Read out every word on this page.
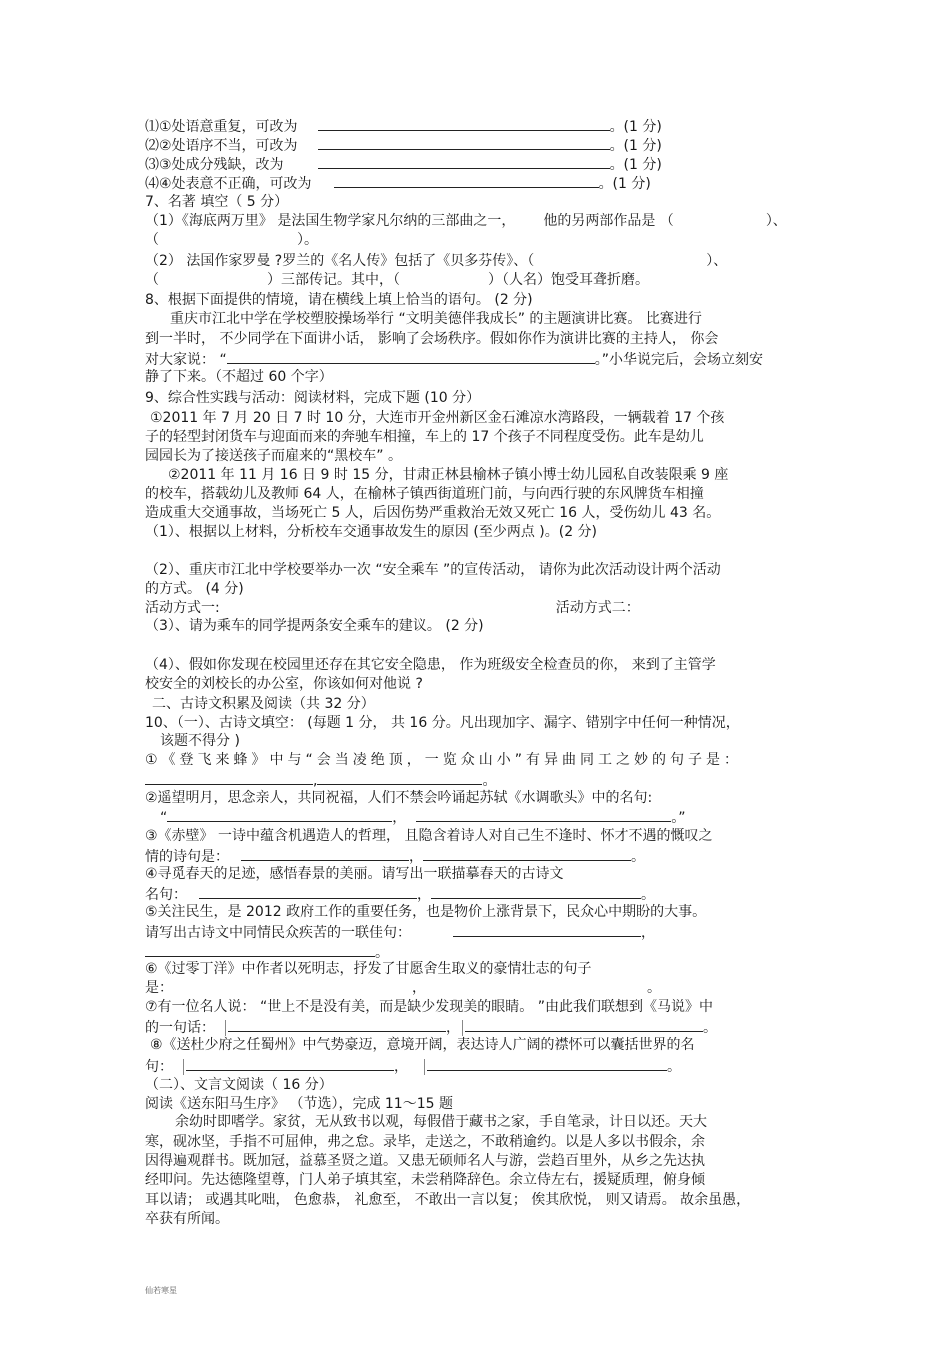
⑴①处语意重复，可改为	。(1 分)
⑵②处语序不当，可改为	。(1 分)
⑶③处成分残缺，改为	。(1 分)
⑷④处表意不正确，可改为	。(1 分)
7、名著 填空（ 5 分）
（1）《海底两万里》 是法国生物学家凡尔纳的三部曲之一， 他的另两部作品是 （	）、
（	）。
（2） 法国作家罗曼 ?罗兰的《名人传》包括了《贝多芬传》、（	）、
（	）三部传记。其中，（	）（人名）饱受耳聋折磨。
8、根据下面提供的情境，请在横线上填上恰当的语句。 (2 分)
重庆市江北中学在学校塑胶操场举行 “文明美德伴我成长” 的主题演讲比赛。 比赛进行
到一半时， 不少同学在下面讲小话， 影响了会场秩序。假如你作为演讲比赛的主持人， 你会
对大家说： “	。”小华说完后，会场立刻安
静了下来。（不超过 60 个字）
9、综合性实践与活动：阅读材料，完成下题 (10 分）
①2011 年 7 月 20 日 7 时 10 分，大连市开金州新区金石滩凉水湾路段，一辆载着 17 个孩
子的轻型封闭货车与迎面而来的奔驰车相撞，车上的 17 个孩子不同程度受伤。此车是幼儿
园园长为了接送孩子而雇来的“黑校车” 。
②2011 年 11 月 16 日 9 时 15 分，甘肃正林县榆林子镇小博士幼儿园私自改装限乘 9 座
的校车，搭载幼儿及教师 64 人，在榆林子镇西街道班门前，与向西行驶的东风牌货车相撞
造成重大交通事故，当场死亡 5 人，后因伤势严重救治无效又死亡 16 人，受伤幼儿 43 名。
（1）、根据以上材料，分析校车交通事故发生的原因 (至少两点 )。(2 分)
（2）、重庆市江北中学校要举办一次 “安全乘车 ”的宣传活动， 请你为此次活动设计两个活动
的方式。 (4 分)
活动方式一:	活动方式二：
（3）、请为乘车的同学提两条安全乘车的建议。 (2 分)
（4）、假如你发现在校园里还存在其它安全隐患， 作为班级安全检查员的你， 来到了主管学
校安全的刘校长的办公室，你该如何对他说 ?
二、古诗文积累及阅读（共 32 分）
10、（一）、古诗文填空： (每题 1 分， 共 16 分。凡出现加字、漏字、错别字中任何一种情况，
该题不得分 )
①《登飞来蜂》中与“会当凌绝顶，一览众山小”有异曲同工之妙的句子是：
,	。
②遥望明月，思念亲人，共同祝福，人们不禁会吟诵起苏轼《水调歌头》中的名句:
“	，	。”
③《赤壁》 一诗中蕴含机遇造人的哲理， 且隐含着诗人对自己生不逢时、怀才不遇的慨叹之
情的诗句是：	，	。
④寻觅春天的足迹，感悟春景的美丽。请写出一联描摹春天的古诗文
名句：	，	。
⑤关注民生，是 2012 政府工作的重要任务，也是物价上涨背景下，民众心中期盼的大事。
请写出古诗文中同情民众疾苦的一联佳句：	，
。
⑥《过零丁洋》中作者以死明志，抒发了甘愿舍生取义的豪情壮志的句子
是：	，	。
⑦有一位名人说： “世上不是没有美，而是缺少发现美的眼睛。 ”由此我们联想到《马说》中
的一句话：	，	。
⑧《送杜少府之任蜀州》中气势豪迈，意境开阔，表达诗人广阔的襟怀可以囊括世界的名
句：	，	。
（二）、文言文阅读（ 16 分）
阅读《送东阳马生序》 （节选），完成 11～15 题
余幼时即嗜学。家贫，无从致书以观，每假借于藏书之家，手自笔录，计日以还。天大
寒，砚冰坚，手指不可屈伸，弗之怠。录毕，走送之，不敢稍逾约。以是人多以书假余，余
因得遍观群书。既加冠，益慕圣贤之道。又患无硕师名人与游，尝趋百里外，从乡之先达执
经叩问。先达德隆望尊，门人弟子填其室，未尝稍降辞色。余立侍左右，援疑质理，俯身倾
耳以请； 或遇其叱咄， 色愈恭， 礼愈至， 不敢出一言以复； 俟其欣悦， 则又请焉。 故余虽愚，
卒获有所闻。
仙若寒星
